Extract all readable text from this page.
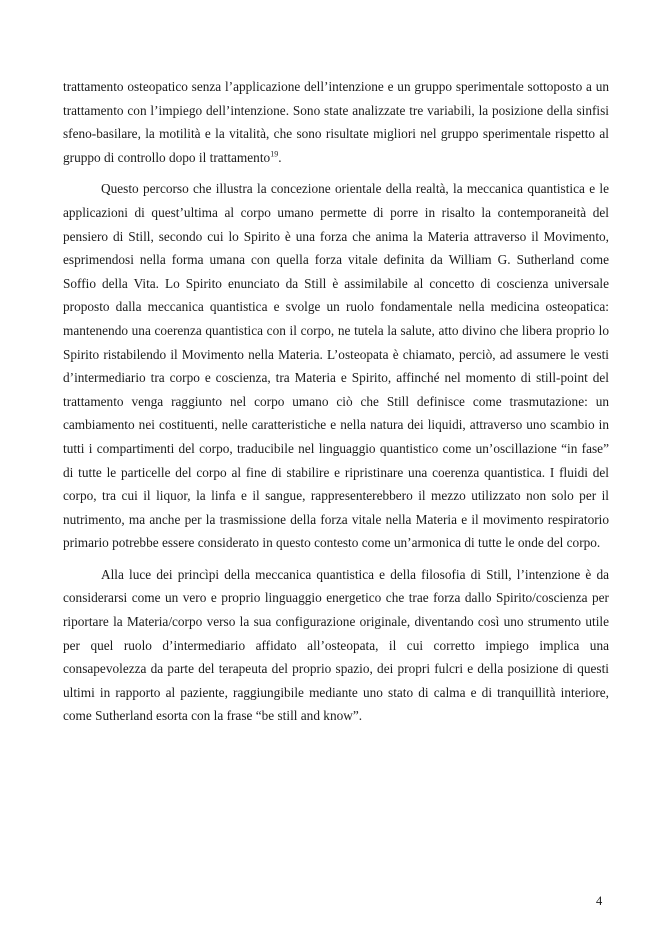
trattamento osteopatico senza l’applicazione dell’intenzione e un gruppo sperimentale sottoposto a un trattamento con l’impiego dell’intenzione. Sono state analizzate tre variabili, la posizione della sinfisi sfeno-basilare, la motilità e la vitalità, che sono risultate migliori nel gruppo sperimentale rispetto al gruppo di controllo dopo il trattamento$^{19}$.

Questo percorso che illustra la concezione orientale della realtà, la meccanica quantistica e le applicazioni di quest’ultima al corpo umano permette di porre in risalto la contemporaneità del pensiero di Still, secondo cui lo Spirito è una forza che anima la Materia attraverso il Movimento, esprimendosi nella forma umana con quella forza vitale definita da William G. Sutherland come Soffio della Vita. Lo Spirito enunciato da Still è assimilabile al concetto di coscienza universale proposto dalla meccanica quantistica e svolge un ruolo fondamentale nella medicina osteopatica: mantenendo una coerenza quantistica con il corpo, ne tutela la salute, atto divino che libera proprio lo Spirito ristabilendo il Movimento nella Materia. L’osteopata è chiamato, perciò, ad assumere le vesti d’intermediario tra corpo e coscienza, tra Materia e Spirito, affinché nel momento di still-point del trattamento venga raggiunto nel corpo umano ciò che Still definisce come trasmutazione: un cambiamento nei costituenti, nelle caratteristiche e nella natura dei liquidi, attraverso uno scambio in tutti i compartimenti del corpo, traducibile nel linguaggio quantistico come un’oscillazione “in fase” di tutte le particelle del corpo al fine di stabilire e ripristinare una coerenza quantistica. I fluidi del corpo, tra cui il liquor, la linfa e il sangue, rappresenterebbero il mezzo utilizzato non solo per il nutrimento, ma anche per la trasmissione della forza vitale nella Materia e il movimento respiratorio primario potrebbe essere considerato in questo contesto come un’armonica di tutte le onde del corpo.

Alla luce dei princìpi della meccanica quantistica e della filosofia di Still, l’intenzione è da considerarsi come un vero e proprio linguaggio energetico che trae forza dallo Spirito/coscienza per riportare la Materia/corpo verso la sua configurazione originale, diventando così uno strumento utile per quel ruolo d’intermediario affidato all’osteopata, il cui corretto impiego implica una consapevolezza da parte del terapeuta del proprio spazio, dei propri fulcri e della posizione di questi ultimi in rapporto al paziente, raggiungibile mediante uno stato di calma e di tranquillità interiore, come Sutherland esorta con la frase “be still and know”.

4
